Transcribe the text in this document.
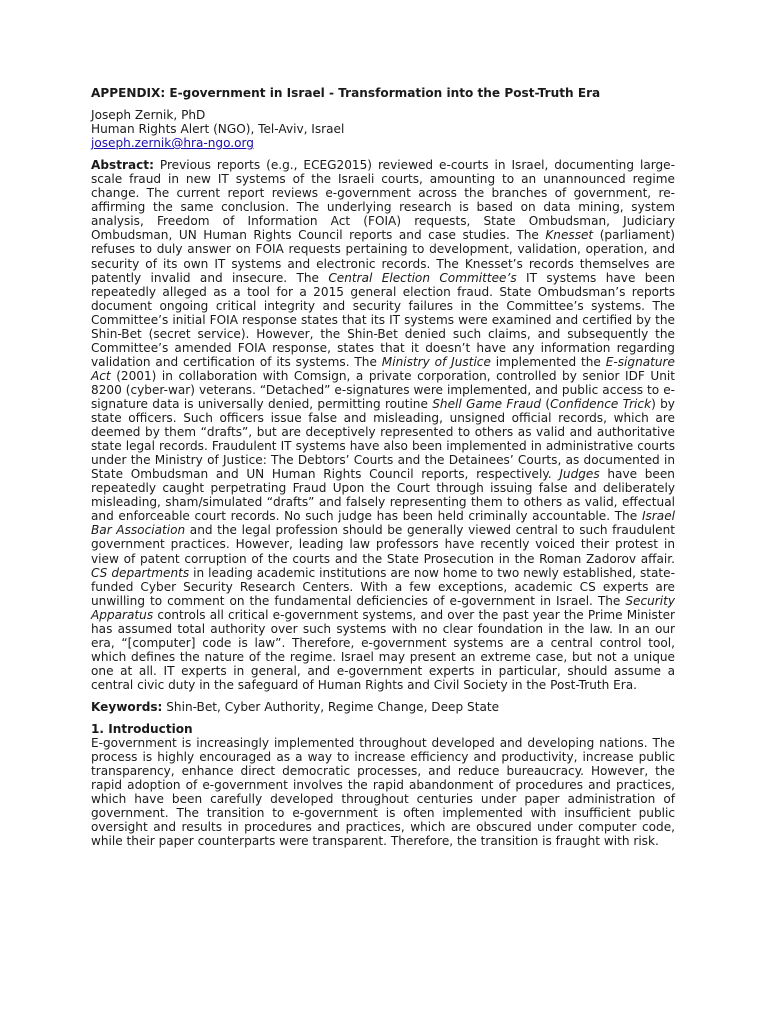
APPENDIX: E-government in Israel - Transformation into the Post-Truth Era
Joseph Zernik, PhD
Human Rights Alert (NGO), Tel-Aviv, Israel
joseph.zernik@hra-ngo.org
Abstract: Previous reports (e.g., ECEG2015) reviewed e-courts in Israel, documenting large-scale fraud in new IT systems of the Israeli courts, amounting to an unannounced regime change. The current report reviews e-government across the branches of government, re-affirming the same conclusion. The underlying research is based on data mining, system analysis, Freedom of Information Act (FOIA) requests, State Ombudsman, Judiciary Ombudsman, UN Human Rights Council reports and case studies. The Knesset (parliament) refuses to duly answer on FOIA requests pertaining to development, validation, operation, and security of its own IT systems and electronic records. The Knesset’s records themselves are patently invalid and insecure. The Central Election Committee’s IT systems have been repeatedly alleged as a tool for a 2015 general election fraud. State Ombudsman’s reports document ongoing critical integrity and security failures in the Committee’s systems. The Committee’s initial FOIA response states that its IT systems were examined and certified by the Shin-Bet (secret service). However, the Shin-Bet denied such claims, and subsequently the Committee’s amended FOIA response, states that it doesn’t have any information regarding validation and certification of its systems. The Ministry of Justice implemented the E-signature Act (2001) in collaboration with Comsign, a private corporation, controlled by senior IDF Unit 8200 (cyber-war) veterans. “Detached” e-signatures were implemented, and public access to e-signature data is universally denied, permitting routine Shell Game Fraud (Confidence Trick) by state officers. Such officers issue false and misleading, unsigned official records, which are deemed by them “drafts”, but are deceptively represented to others as valid and authoritative state legal records. Fraudulent IT systems have also been implemented in administrative courts under the Ministry of Justice: The Debtors’ Courts and the Detainees’ Courts, as documented in State Ombudsman and UN Human Rights Council reports, respectively. Judges have been repeatedly caught perpetrating Fraud Upon the Court through issuing false and deliberately misleading, sham/simulated “drafts” and falsely representing them to others as valid, effectual and enforceable court records. No such judge has been held criminally accountable. The Israel Bar Association and the legal profession should be generally viewed central to such fraudulent government practices. However, leading law professors have recently voiced their protest in view of patent corruption of the courts and the State Prosecution in the Roman Zadorov affair. CS departments in leading academic institutions are now home to two newly established, state-funded Cyber Security Research Centers. With a few exceptions, academic CS experts are unwilling to comment on the fundamental deficiencies of e-government in Israel. The Security Apparatus controls all critical e-government systems, and over the past year the Prime Minister has assumed total authority over such systems with no clear foundation in the law. In an our era, “[computer] code is law”. Therefore, e-government systems are a central control tool, which defines the nature of the regime. Israel may present an extreme case, but not a unique one at all. IT experts in general, and e-government experts in particular, should assume a central civic duty in the safeguard of Human Rights and Civil Society in the Post-Truth Era.
Keywords: Shin-Bet, Cyber Authority, Regime Change, Deep State
1. Introduction
E-government is increasingly implemented throughout developed and developing nations. The process is highly encouraged as a way to increase efficiency and productivity, increase public transparency, enhance direct democratic processes, and reduce bureaucracy. However, the rapid adoption of e-government involves the rapid abandonment of procedures and practices, which have been carefully developed throughout centuries under paper administration of government. The transition to e-government is often implemented with insufficient public oversight and results in procedures and practices, which are obscured under computer code, while their paper counterparts were transparent. Therefore, the transition is fraught with risk.
